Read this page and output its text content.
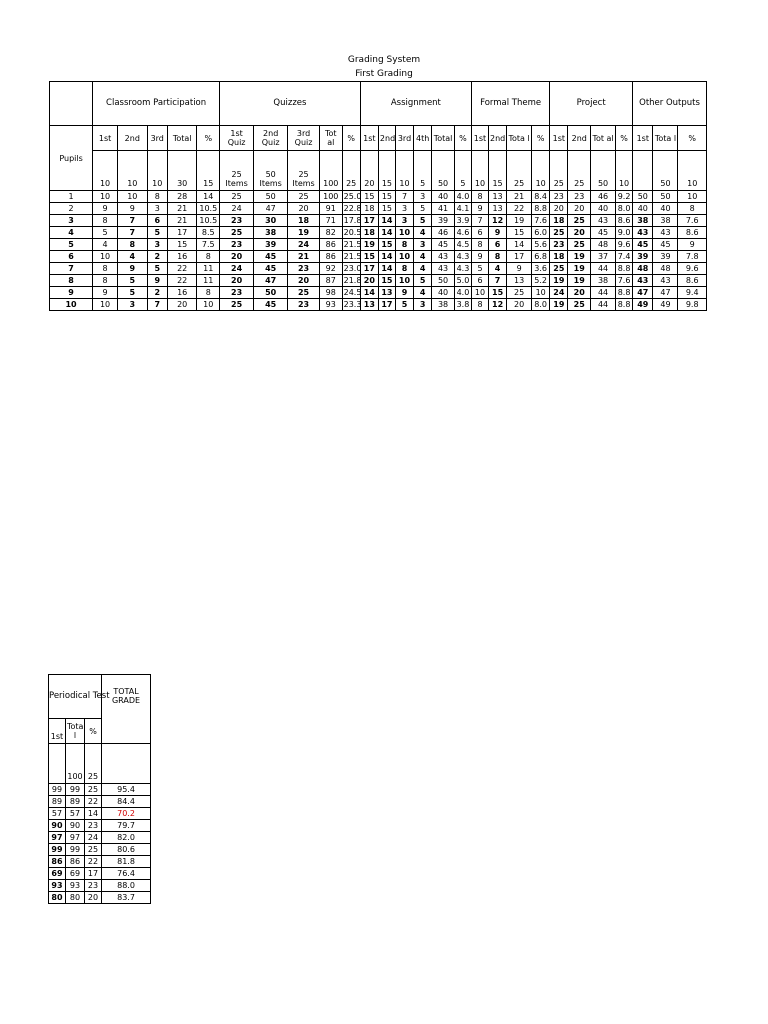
Grading System
First Grading
	Classroom Participation					Quizzes					Assignment						Formal Theme				Project				Other Outputs		
Pupils	1st	2nd	3rd	Total	%	1st Quiz	2nd Quiz	3rd Quiz	Tot al	%	1st	2nd	3rd	4th	Total	%	1st	2nd	Tota l	%	1st	2nd	Tot al	%	1st	Tota l	%
	10	10	10	30	15	25 Items	50 Items	25 Items	100	25	20	15	10	5	50	5	10	15	25	10	25	25	50	10		50	10
1	10	10	8	28	14	25	50	25	100	25.0	15	15	7	3	40	4.0	8	13	21	8.4	23	23	46	9.2	50	50	10
2	9	9	3	21	10.5	24	47	20	91	22.8	18	15	3	5	41	4.1	9	13	22	8.8	20	20	40	8.0	40	40	8
3	8	7	6	21	10.5	23	30	18	71	17.8	17	14	3	5	39	3.9	7	12	19	7.6	18	25	43	8.6	38	38	7.6
4	5	7	5	17	8.5	25	38	19	82	20.5	18	14	10	4	46	4.6	6	9	15	6.0	25	20	45	9.0	43	43	8.6
5	4	8	3	15	7.5	23	39	24	86	21.5	19	15	8	3	45	4.5	8	6	14	5.6	23	25	48	9.6	45	45	9
6	10	4	2	16	8	20	45	21	86	21.5	15	14	10	4	43	4.3	9	8	17	6.8	18	19	37	7.4	39	39	7.8
7	8	9	5	22	11	24	45	23	92	23.0	17	14	8	4	43	4.3	5	4	9	3.6	25	19	44	8.8	48	48	9.6
8	8	5	9	22	11	20	47	20	87	21.8	20	15	10	5	50	5.0	6	7	13	5.2	19	19	38	7.6	43	43	8.6
9	9	5	2	16	8	23	50	25	98	24.5	14	13	9	4	40	4.0	10	15	25	10	24	20	44	8.8	47	47	9.4
10	10	3	7	20	10	25	45	23	93	23.3	13	17	5	3	38	3.8	8	12	20	8.0	19	25	44	8.8	49	49	9.8
Periodical Test			TOTAL GRADE
1st	Tota l	%	
	100	25	
99	99	25	95.4
89	89	22	84.4
57	57	14	70.2
90	90	23	79.7
97	97	24	82.0
99	99	25	80.6
86	86	22	81.8
69	69	17	76.4
93	93	23	88.0
80	80	20	83.7
